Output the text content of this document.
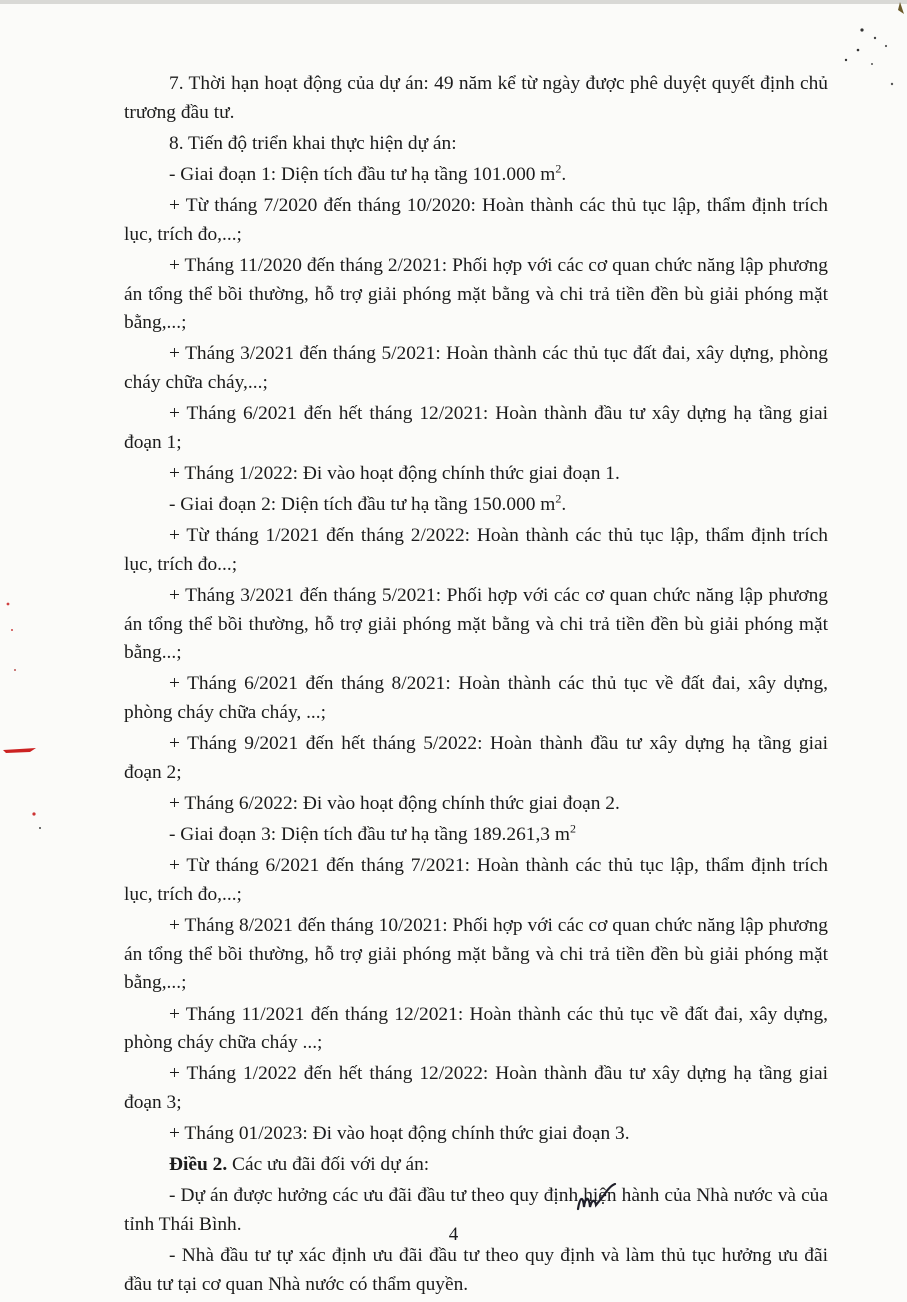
7. Thời hạn hoạt động của dự án: 49 năm kể từ ngày được phê duyệt quyết định chủ trương đầu tư.

8. Tiến độ triển khai thực hiện dự án:

- Giai đoạn 1: Diện tích đầu tư hạ tầng 101.000 $m^2$.

+ Từ tháng 7/2020 đến tháng 10/2020: Hoàn thành các thủ tục lập, thẩm định trích lục, trích đo,...;

+ Tháng 11/2020 đến tháng 2/2021: Phối hợp với các cơ quan chức năng lập phương án tổng thể bồi thường, hỗ trợ giải phóng mặt bằng và chi trả tiền đền bù giải phóng mặt bằng,...;

+ Tháng 3/2021 đến tháng 5/2021: Hoàn thành các thủ tục đất đai, xây dựng, phòng cháy chữa cháy,...;

+ Tháng 6/2021 đến hết tháng 12/2021: Hoàn thành đầu tư xây dựng hạ tầng giai đoạn 1;

+ Tháng 1/2022: Đi vào hoạt động chính thức giai đoạn 1.

- Giai đoạn 2: Diện tích đầu tư hạ tầng 150.000 $m^2$.

+ Từ tháng 1/2021 đến tháng 2/2022: Hoàn thành các thủ tục lập, thẩm định trích lục, trích đo...;

+ Tháng 3/2021 đến tháng 5/2021: Phối hợp với các cơ quan chức năng lập phương án tổng thể bồi thường, hỗ trợ giải phóng mặt bằng và chi trả tiền đền bù giải phóng mặt bằng...;

+ Tháng 6/2021 đến tháng 8/2021: Hoàn thành các thủ tục về đất đai, xây dựng, phòng cháy chữa cháy, ...;

+ Tháng 9/2021 đến hết tháng 5/2022: Hoàn thành đầu tư xây dựng hạ tầng giai đoạn 2;

+ Tháng 6/2022: Đi vào hoạt động chính thức giai đoạn 2.

- Giai đoạn 3: Diện tích đầu tư hạ tầng 189.261,3 $m^2$

+ Từ tháng 6/2021 đến tháng 7/2021: Hoàn thành các thủ tục lập, thẩm định trích lục, trích đo,...;

+ Tháng 8/2021 đến tháng 10/2021: Phối hợp với các cơ quan chức năng lập phương án tổng thể bồi thường, hỗ trợ giải phóng mặt bằng và chi trả tiền đền bù giải phóng mặt bằng,...;

+ Tháng 11/2021 đến tháng 12/2021: Hoàn thành các thủ tục về đất đai, xây dựng, phòng cháy chữa cháy ...;

+ Tháng 1/2022 đến hết tháng 12/2022: Hoàn thành đầu tư xây dựng hạ tầng giai đoạn 3;

+ Tháng 01/2023: Đi vào hoạt động chính thức giai đoạn 3.

Điều 2. Các ưu đãi đối với dự án:

- Dự án được hưởng các ưu đãi đầu tư theo quy định hiện hành của Nhà nước và của tỉnh Thái Bình.

- Nhà đầu tư tự xác định ưu đãi đầu tư theo quy định và làm thủ tục hưởng ưu đãi đầu tư tại cơ quan Nhà nước có thẩm quyền.

4
